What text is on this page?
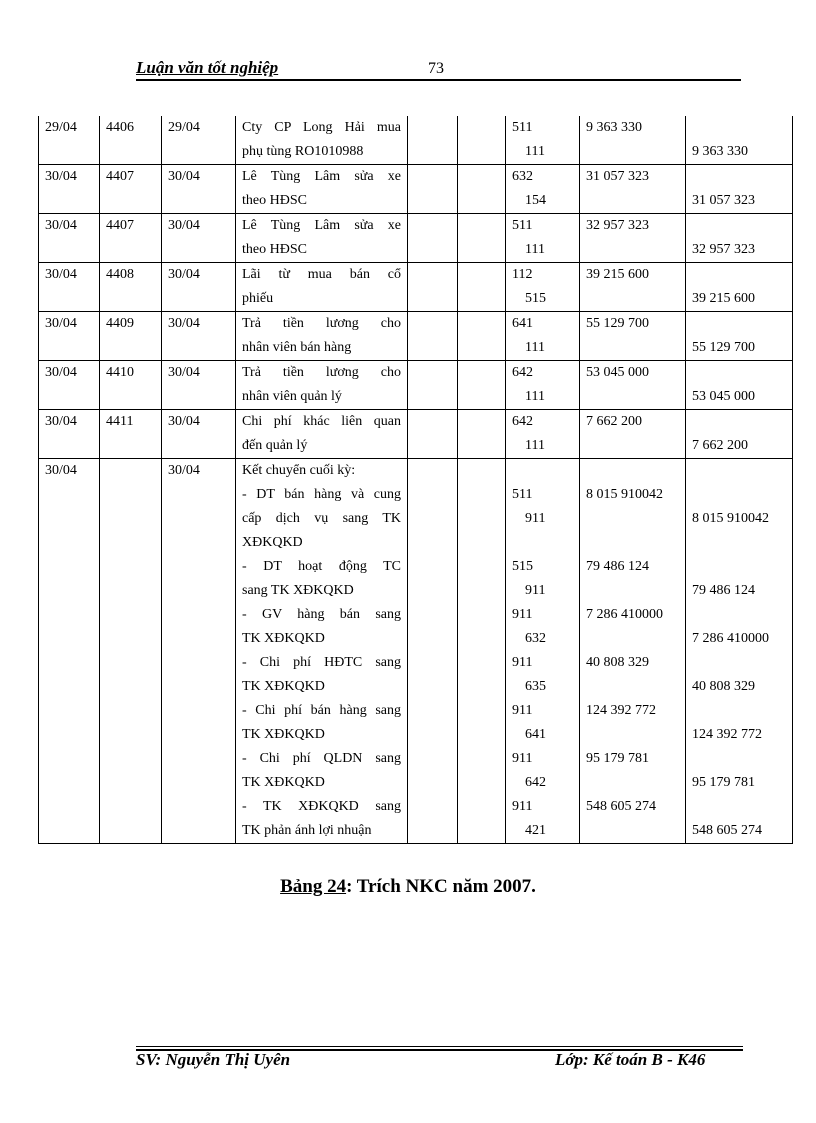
Luận văn tốt nghiệp	73
29/04	4406	29/04	Cty CP Long Hải mua			511	9 363 330	
			phụ tùng RO1010988			111		9 363 330
30/04	4407	30/04	Lê Tùng Lâm sửa xe			632	31 057 323	
			theo HĐSC			154		31 057 323
30/04	4407	30/04	Lê Tùng Lâm sửa xe			511	32 957 323	
			theo HĐSC			111		32 957 323
30/04	4408	30/04	Lãi từ mua bán cổ			112	39 215 600	
			phiếu			515		39 215 600
30/04	4409	30/04	Trả tiền lương cho			641	55 129 700	
			nhân viên bán hàng			111		55 129 700
30/04	4410	30/04	Trả tiền lương cho			642	53 045 000	
			nhân viên quản lý			111		53 045 000
30/04	4411	30/04	Chi phí khác liên quan			642	7 662 200	
			đến quản lý			111		7 662 200
30/04		30/04	Kết chuyển cuối kỳ:					
			- DT bán hàng và cung			511	8 015 910042	
			cấp dịch vụ sang TK			911		8 015 910042
			XĐKQKD					
			- DT hoạt động TC			515	79 486 124	
			sang TK XĐKQKD			911		79 486 124
			- GV hàng bán sang			911	7 286 410000	
			TK XĐKQKD			632		7 286 410000
			- Chi phí HĐTC sang			911	40 808 329	
			TK XĐKQKD			635		40 808 329
			- Chi phí bán hàng sang			911	124 392 772	
			TK XĐKQKD			641		124 392 772
			- Chi phí QLDN sang			911	95 179 781	
			TK XĐKQKD			642		95 179 781
			- TK XĐKQKD sang			911	548 605 274	
			TK phản ánh lợi nhuận			421		548 605 274
Bảng 24: Trích NKC năm 2007.
SV: Nguyễn Thị Uyên	Lớp: Kế toán B - K46
